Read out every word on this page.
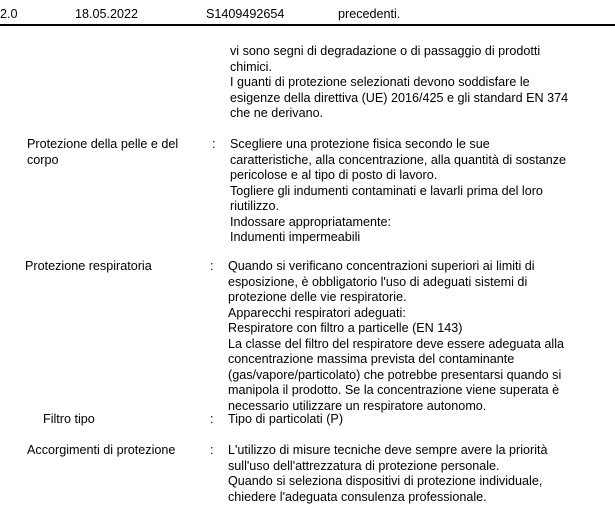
2.0	18.05.2022	S1409492654	precedenti.
vi sono segni di degradazione o di passaggio di prodotti
chimici.
I guanti di protezione selezionati devono soddisfare le
esigenze della direttiva (UE) 2016/425 e gli standard EN 374
che ne derivano.
Protezione della pelle e del
corpo
: Scegliere una protezione fisica secondo le sue
caratteristiche, alla concentrazione, alla quantità di sostanze
pericolose e al tipo di posto di lavoro.
Togliere gli indumenti contaminati e lavarli prima del loro
riutilizzo.
Indossare appropriatamente:
Indumenti impermeabili
Protezione respiratoria	: Quando si verificano concentrazioni superiori ai limiti di
esposizione, è obbligatorio l'uso di adeguati sistemi di
protezione delle vie respiratorie.
Apparecchi respiratori adeguati:
Respiratore con filtro a particelle (EN 143)
La classe del filtro del respiratore deve essere adeguata alla
concentrazione massima prevista del contaminante
(gas/vapore/particolato) che potrebbe presentarsi quando si
manipola il prodotto. Se la concentrazione viene superata è
necessario utilizzare un respiratore autonomo.
Filtro tipo	: Tipo di particolati (P)
Accorgimenti di protezione	: L'utilizzo di misure tecniche deve sempre avere la priorità
sull'uso dell'attrezzatura di protezione personale.
Quando si seleziona dispositivi di protezione individuale,
chiedere l'adeguata consulenza professionale.
